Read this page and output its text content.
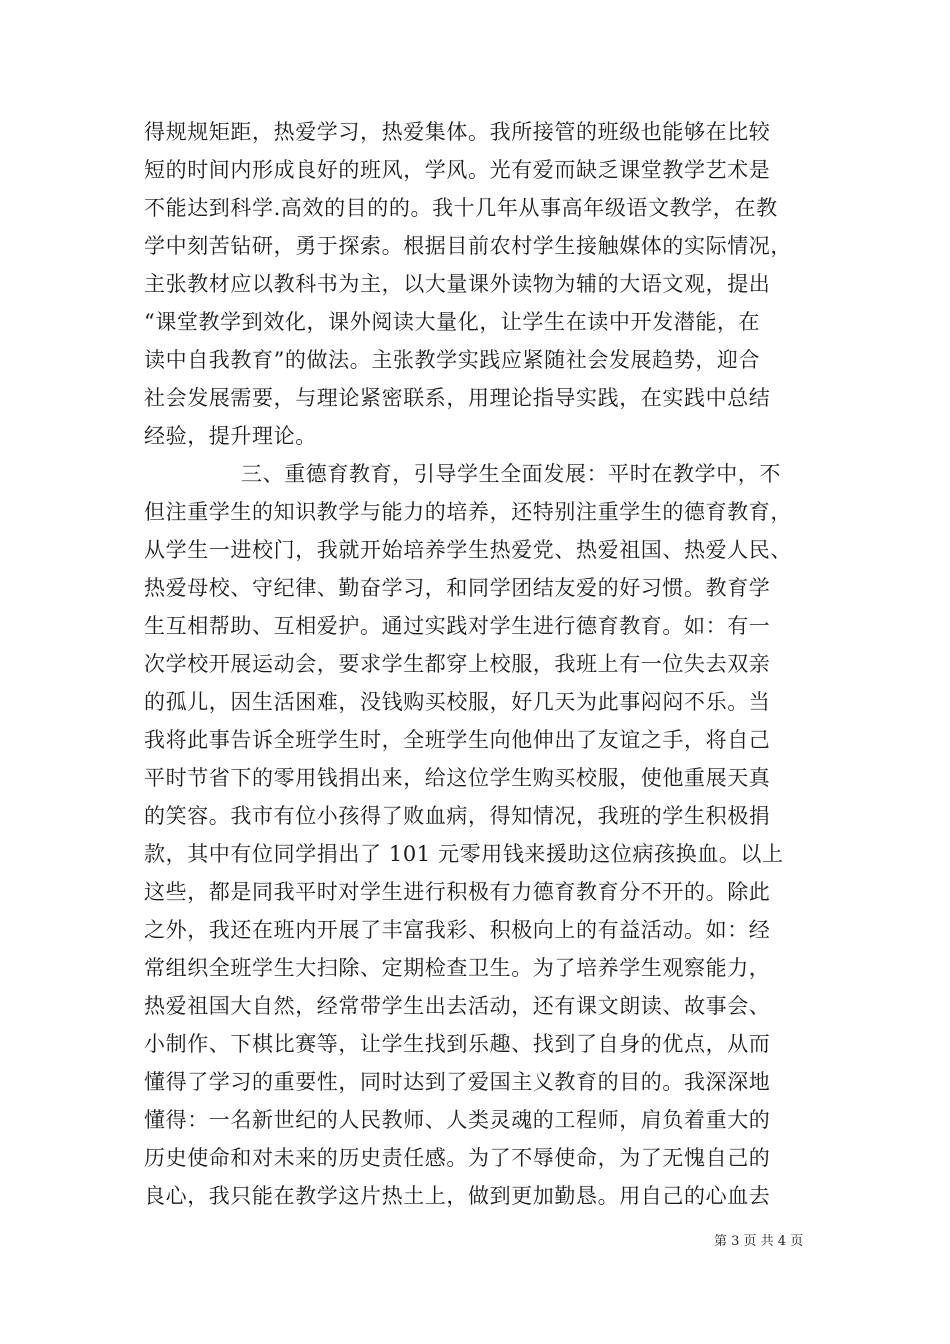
得规规矩距，热爱学习，热爱集体。我所接管的班级也能够在比较
短的时间内形成良好的班风，学风。光有爱而缺乏课堂教学艺术是
不能达到科学.高效的目的的。我十几年从事高年级语文教学，在教
学中刻苦钻研，勇于探索。根据目前农村学生接触媒体的实际情况，
主张教材应以教科书为主，以大量课外读物为辅的大语文观，提出
“课堂教学到效化，课外阅读大量化，让学生在读中开发潜能，在
读中自我教育”的做法。主张教学实践应紧随社会发展趋势，迎合
社会发展需要，与理论紧密联系，用理论指导实践，在实践中总结
经验，提升理论。
三、重德育教育，引导学生全面发展：平时在教学中，不
但注重学生的知识教学与能力的培养，还特别注重学生的德育教育，
从学生一进校门，我就开始培养学生热爱党、热爱祖国、热爱人民、
热爱母校、守纪律、勤奋学习，和同学团结友爱的好习惯。教育学
生互相帮助、互相爱护。通过实践对学生进行德育教育。如：有一
次学校开展运动会，要求学生都穿上校服，我班上有一位失去双亲
的孤儿，因生活困难，没钱购买校服，好几天为此事闷闷不乐。当
我将此事告诉全班学生时，全班学生向他伸出了友谊之手，将自己
平时节省下的零用钱捐出来，给这位学生购买校服，使他重展天真
的笑容。我市有位小孩得了败血病，得知情况，我班的学生积极捐
款，其中有位同学捐出了 101 元零用钱来援助这位病孩换血。以上
这些，都是同我平时对学生进行积极有力德育教育分不开的。除此
之外，我还在班内开展了丰富我彩、积极向上的有益活动。如：经
常组织全班学生大扫除、定期检查卫生。为了培养学生观察能力，
热爱祖国大自然，经常带学生出去活动，还有课文朗读、故事会、
小制作、下棋比赛等，让学生找到乐趣、找到了自身的优点，从而
懂得了学习的重要性，同时达到了爱国主义教育的目的。我深深地
懂得：一名新世纪的人民教师、人类灵魂的工程师，肩负着重大的
历史使命和对未来的历史责任感。为了不辱使命，为了无愧自己的
良心，我只能在教学这片热土上，做到更加勤恳。用自己的心血去
第 3 页 共 4 页
